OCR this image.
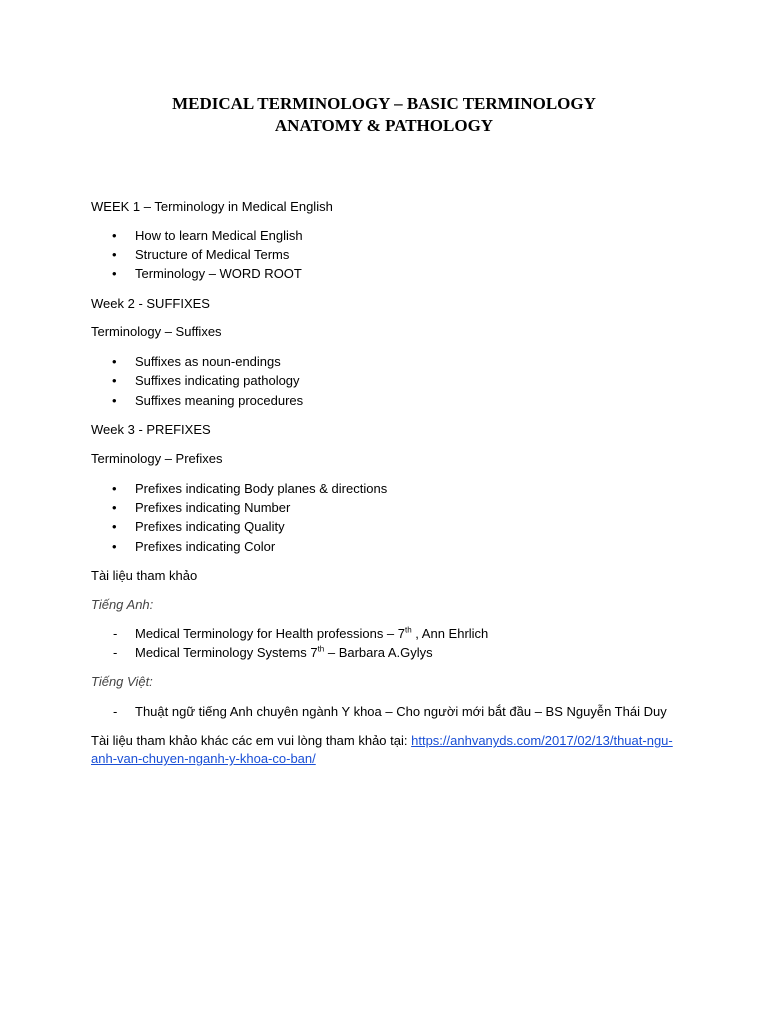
MEDICAL TERMINOLOGY – BASIC TERMINOLOGY
ANATOMY & PATHOLOGY
WEEK 1 – Terminology in Medical English
• How to learn Medical English
• Structure of Medical Terms
• Terminology – WORD ROOT
Week 2 - SUFFIXES
Terminology – Suffixes
• Suffixes as noun-endings
• Suffixes indicating pathology
• Suffixes meaning procedures
Week 3 - PREFIXES
Terminology – Prefixes
• Prefixes indicating Body planes & directions
• Prefixes indicating Number
• Prefixes indicating Quality
• Prefixes indicating Color
Tài liệu tham khảo
Tiếng Anh:
- Medical Terminology for Health professions – 7th , Ann Ehrlich
- Medical Terminology Systems 7th – Barbara A.Gylys
Tiếng Việt:
- Thuật ngữ tiếng Anh chuyên ngành Y khoa – Cho người mới bắt đầu – BS Nguyễn Thái Duy
Tài liệu tham khảo khác các em vui lòng tham khảo tại: https://anhvanyds.com/2017/02/13/thuat-ngu-
anh-van-chuyen-nganh-y-khoa-co-ban/
